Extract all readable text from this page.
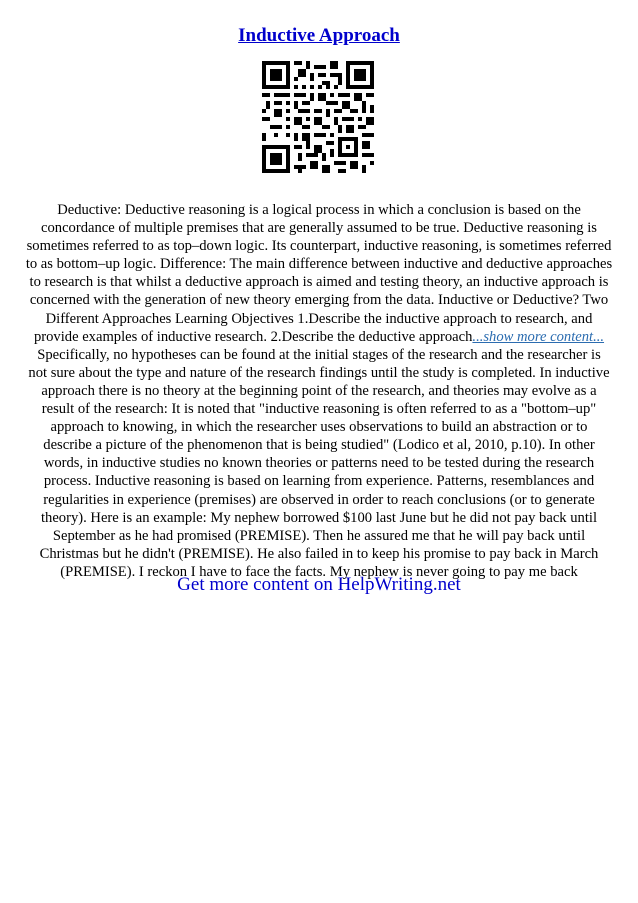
Inductive Approach
Deductive: Deductive reasoning is a logical process in which a conclusion is based on the
concordance of multiple premises that are generally assumed to be true. Deductive reasoning is
sometimes referred to as top–down logic. Its counterpart, inductive reasoning, is sometimes referred
to as bottom–up logic. Difference: The main difference between inductive and deductive approaches
to research is that whilst a deductive approach is aimed and testing theory, an inductive approach is
concerned with the generation of new theory emerging from the data. Inductive or Deductive? Two
Different Approaches Learning Objectives 1.Describe the inductive approach to research, and
provide examples of inductive research. 2.Describe the deductive approach...show more content...
Specifically, no hypotheses can be found at the initial stages of the research and the researcher is
not sure about the type and nature of the research findings until the study is completed. In inductive
approach there is no theory at the beginning point of the research, and theories may evolve as a
result of the research: It is noted that "inductive reasoning is often referred to as a "bottom–up"
approach to knowing, in which the researcher uses observations to build an abstraction or to
describe a picture of the phenomenon that is being studied" (Lodico et al, 2010, p.10). In other
words, in inductive studies no known theories or patterns need to be tested during the research
process. Inductive reasoning is based on learning from experience. Patterns, resemblances and
regularities in experience (premises) are observed in order to reach conclusions (or to generate
theory). Here is an example: My nephew borrowed $100 last June but he did not pay back until
September as he had promised (PREMISE). Then he assured me that he will pay back until
Christmas but he didn't (PREMISE). He also failed in to keep his promise to pay back in March
(PREMISE). I reckon I have to face the facts. My nephew is never going to pay me back
Get more content on HelpWriting.net
